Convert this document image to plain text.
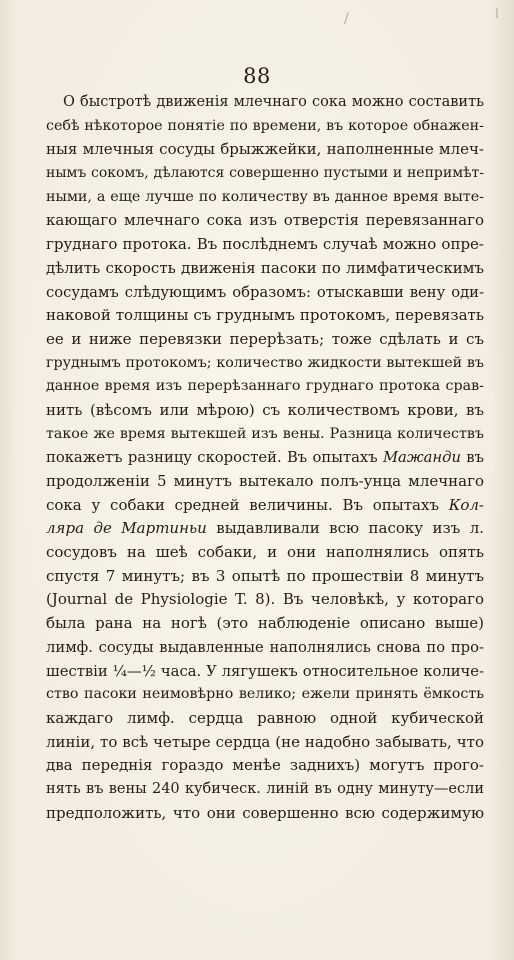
/
88
О быстротѣ движенія млечнаго сока можно составить
себѣ нѣкоторое понятіе по времени, въ которое обнажен-
ныя млечныя сосуды брыжжейки, наполненные млеч-
нымъ сокомъ, дѣлаются совершенно пустыми и непримѣт-
ными, а еще лучше по количеству въ данное время выте-
кающаго млечнаго сока изъ отверстія перевязаннаго
груднаго протока. Въ послѣднемъ случаѣ можно опре-
дѣлить скорость движенія пасоки по лимфатическимъ
сосудамъ слѣдующимъ образомъ: отыскавши вену оди-
наковой толщины съ груднымъ протокомъ, перевязать
ее и ниже перевязки перерѣзать; тоже сдѣлать и съ
груднымъ протокомъ; количество жидкости вытекшей въ
данное время изъ перерѣзаннаго груднаго протока срав-
нить (вѣсомъ или мѣрою) съ количествомъ крови, въ
такое же время вытекшей изъ вены. Разница количествъ
покажетъ разницу скоростей. Въ опытахъ Мажанди въ
продолженіи 5 минутъ вытекало полъ-унца млечнаго
сока у собаки средней величины. Въ опытахъ Кол-
ляра де Мартиньи выдавливали всю пасоку изъ л.
сосудовъ на шеѣ собаки, и они наполнялись опять
спустя 7 минутъ; въ 3 опытѣ по прошествіи 8 минутъ
(Journal de Physiologie T. 8). Въ человѣкѣ, у котораго
была рана на ногѣ (это наблюденіе описано выше)
лимф. сосуды выдавленные наполнялись снова по про-
шествіи ¼—½ часа. У лягушекъ относительное количе-
ство пасоки неимовѣрно велико; ежели принять ёмкость
каждаго лимф. сердца равною одной кубической
линіи, то всѣ четыре сердца (не надобно забывать, что
два переднія гораздо менѣе заднихъ) могутъ прого-
нять въ вены 240 кубическ. линій въ одну минуту—если
предположить, что они совершенно всю содержимую
